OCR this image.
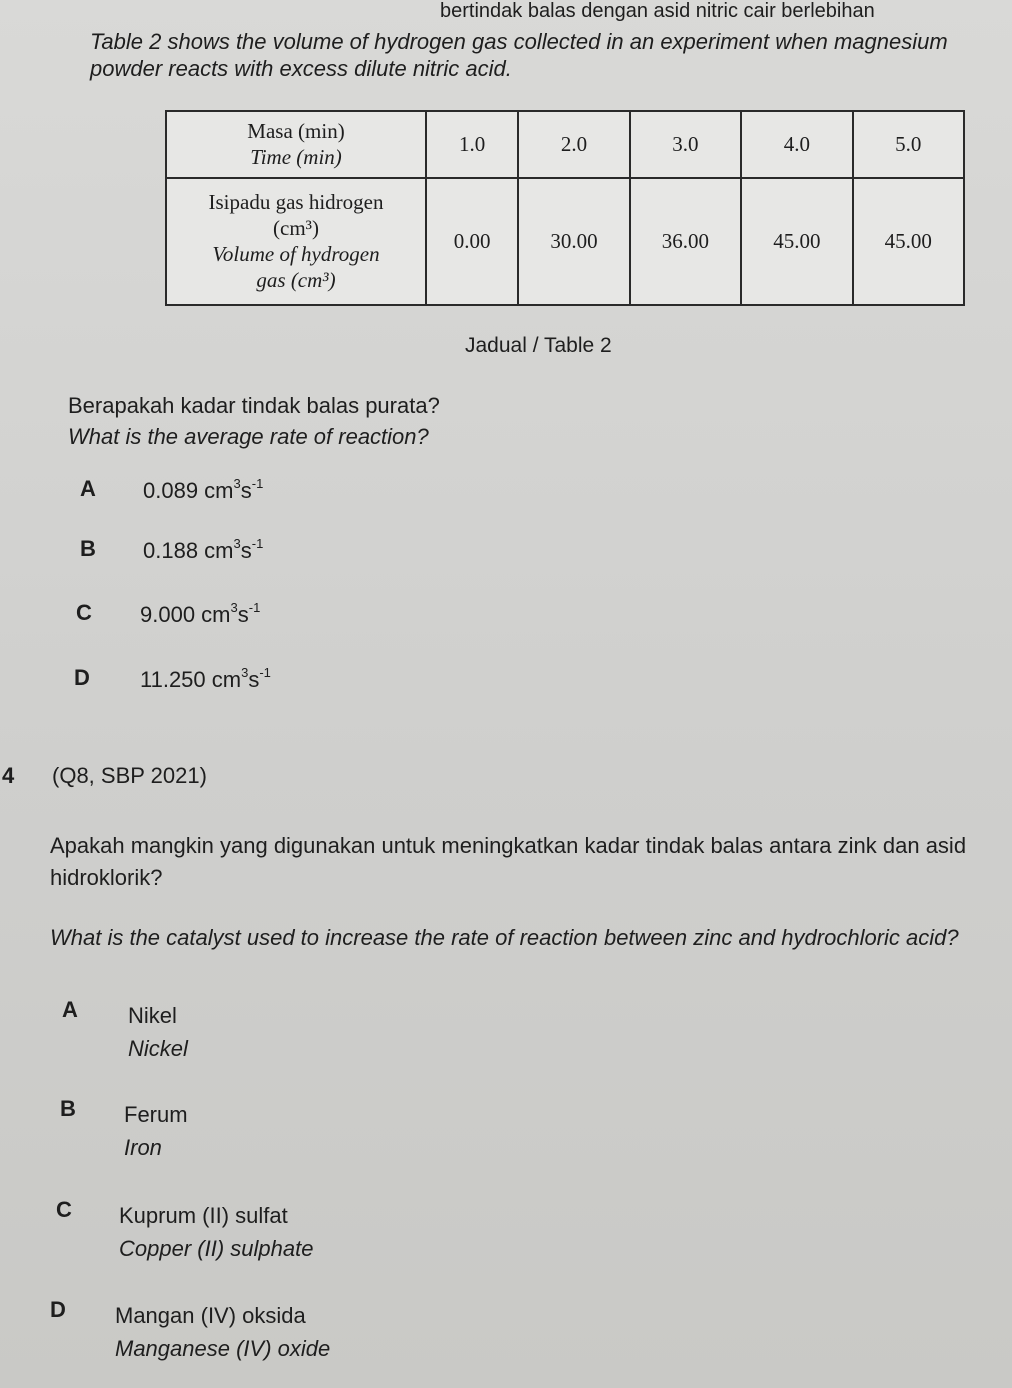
bertindak balas dengan asid nitric cair berlebihan
Table 2 shows the volume of hydrogen gas collected in an experiment when magnesium powder reacts with excess dilute nitric acid.
Masa (min)
Time (min)	1.0	2.0	3.0	4.0	5.0

Isipadu gas hidrogen
(cm³)
Volume of hydrogen
gas (cm³)	0.00	30.00	36.00	45.00	45.00
Jadual / Table 2
Berapakah kadar tindak balas purata?
What is the average rate of reaction?
A 0.089 $cm^3s^{-1}$
B 0.188 $cm^3s^{-1}$
C 9.000 $cm^3s^{-1}$
D 11.250 $cm^3s^{-1}$
4 (Q8, SBP 2021)
Apakah mangkin yang digunakan untuk meningkatkan kadar tindak balas antara zink dan asid hidroklorik?
What is the catalyst used to increase the rate of reaction between zinc and hydrochloric acid?
A Nikel
Nickel
B Ferum
Iron
C Kuprum (II) sulfat
Copper (II) sulphate
D Mangan (IV) oksida
Manganese (IV) oxide
